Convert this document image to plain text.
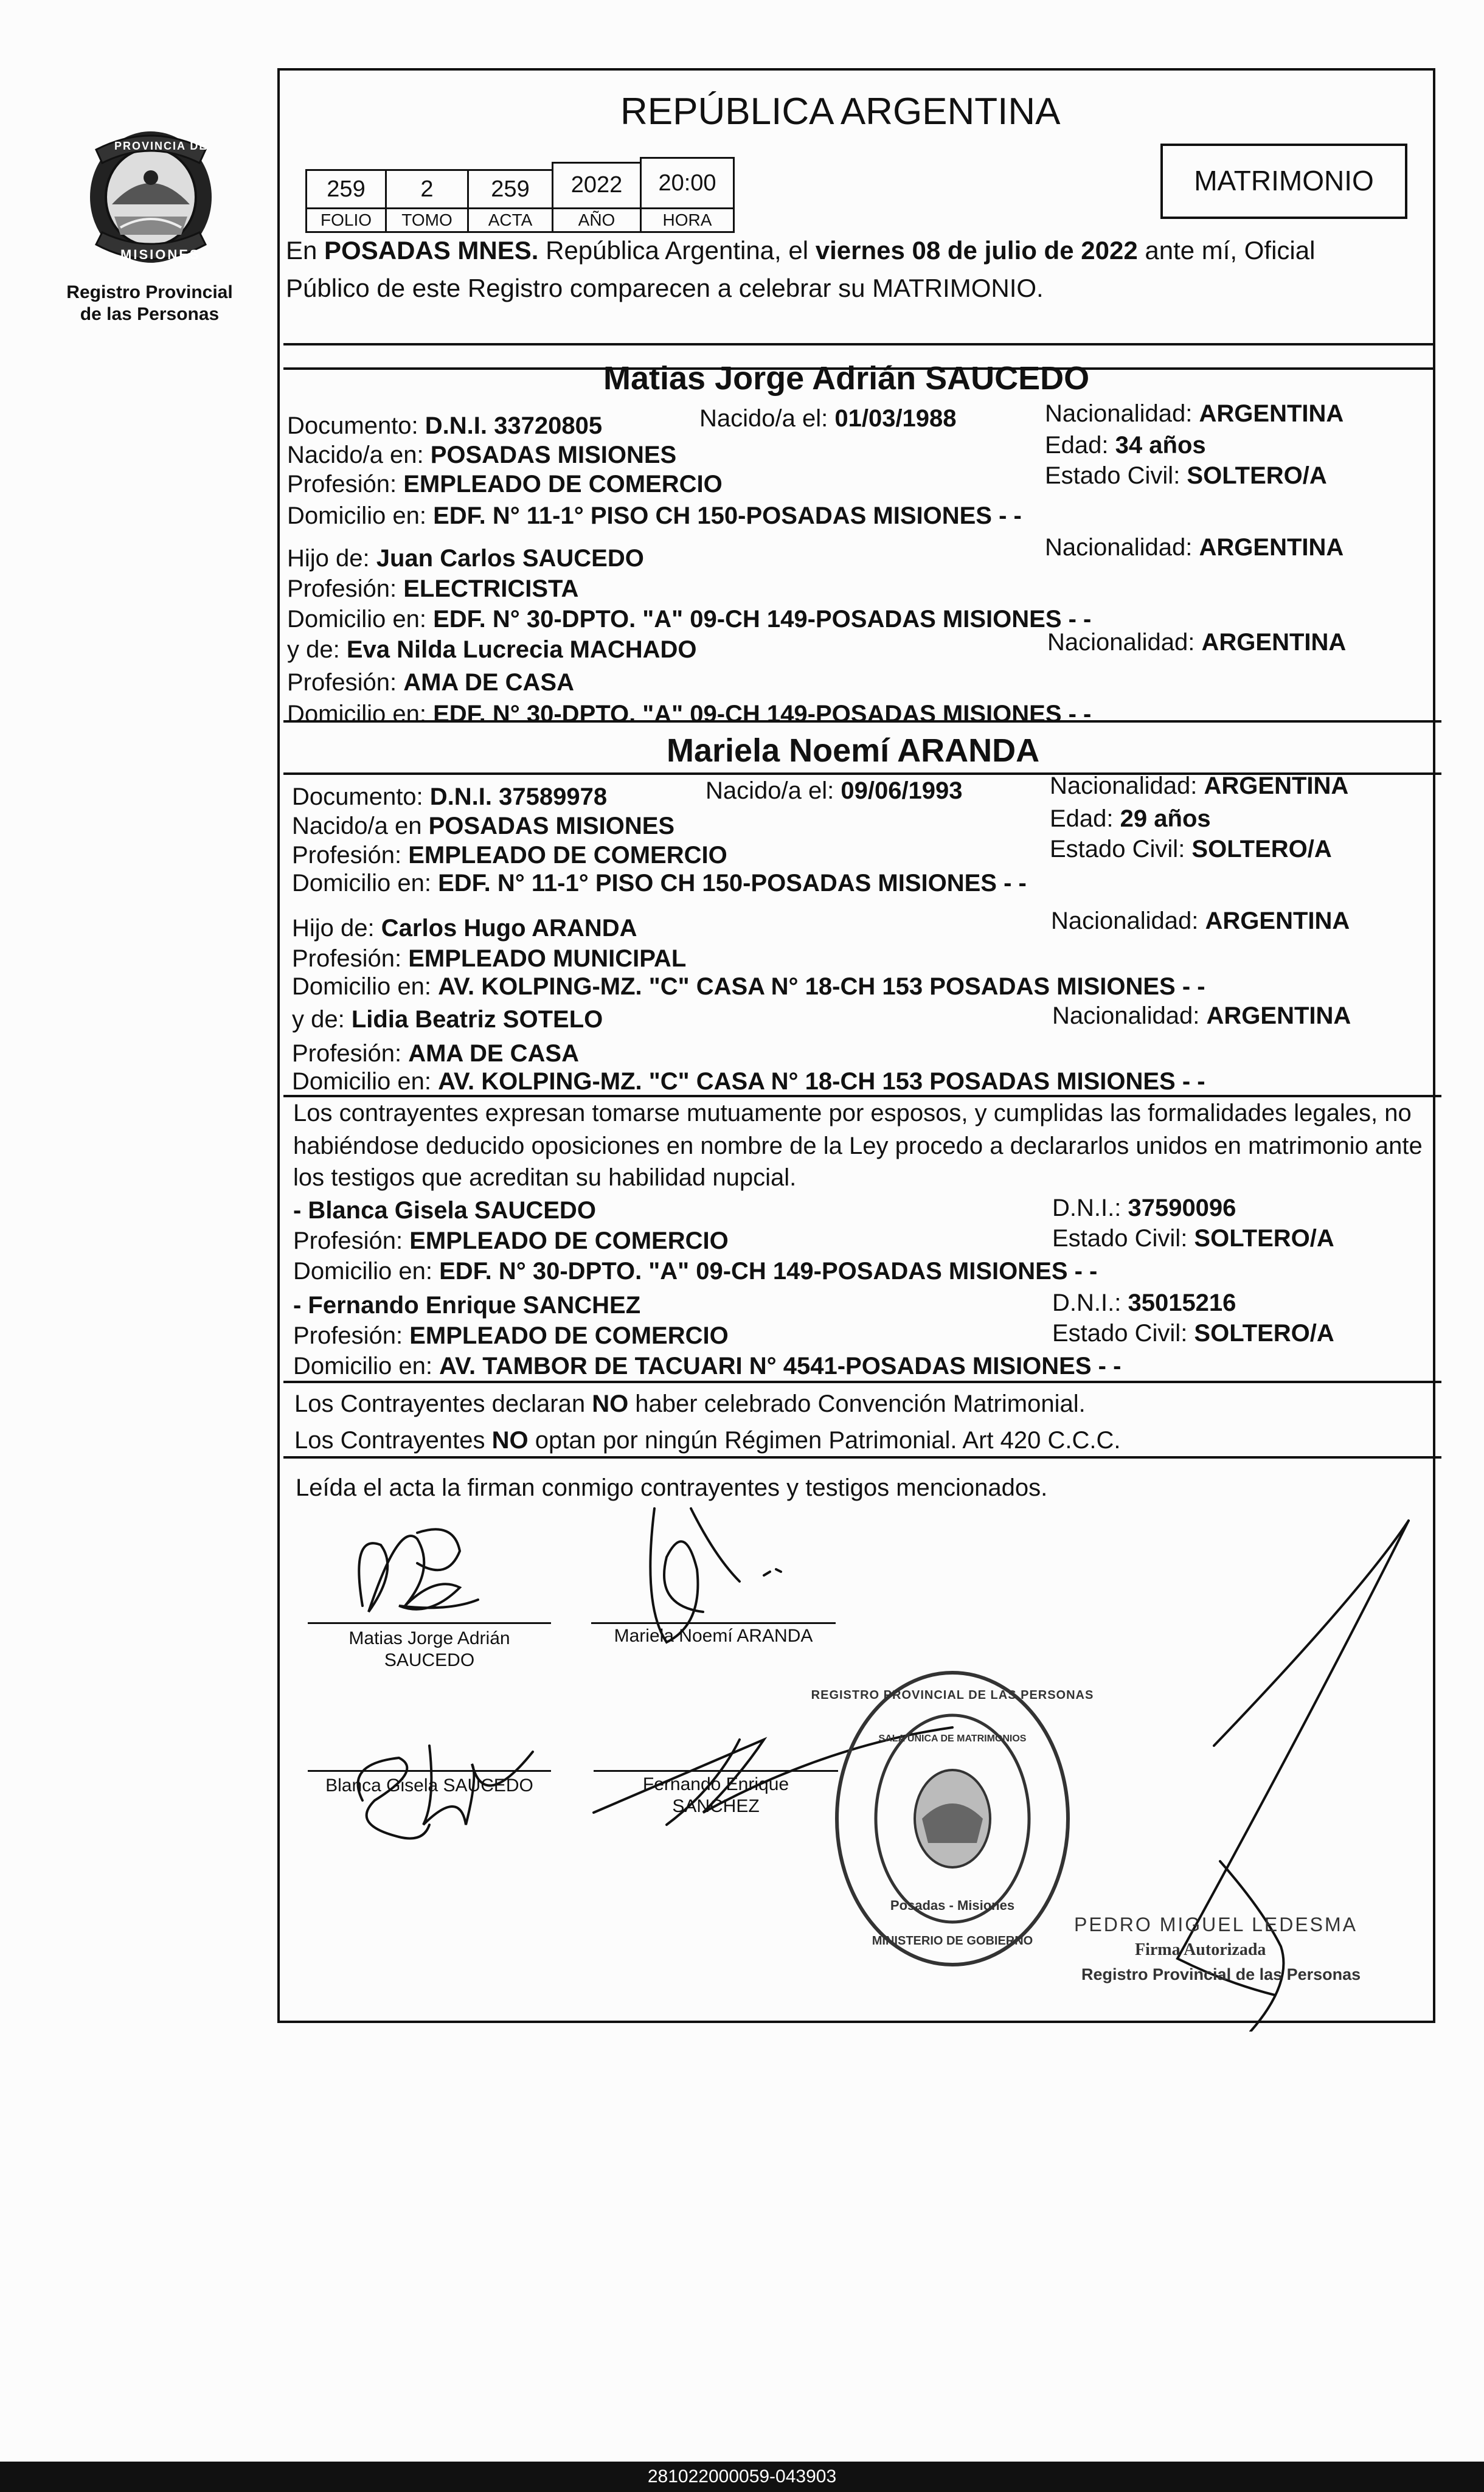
PROVINCIA DE
MISIONES
Registro Provincial
de las Personas
REPÚBLICA ARGENTINA
MATRIMONIO
259	2	259	2022	20:00
FOLIO	TOMO	ACTA	AÑO	HORA
En POSADAS MNES. República Argentina, el viernes 08 de julio de 2022 ante mí, Oficial
Público de este Registro comparecen a celebrar su MATRIMONIO.
Matias Jorge Adrián SAUCEDO
Documento: D.N.I. 33720805	Nacido/a el: 01/03/1988	Nacionalidad: ARGENTINA
Nacido/a en: POSADAS MISIONES	Edad: 34 años
Profesión: EMPLEADO DE COMERCIO	Estado Civil: SOLTERO/A
Domicilio en: EDF. N° 11-1° PISO CH 150-POSADAS MISIONES - -
Hijo de: Juan Carlos SAUCEDO	Nacionalidad: ARGENTINA
Profesión: ELECTRICISTA
Domicilio en: EDF. N° 30-DPTO. "A" 09-CH 149-POSADAS MISIONES - -
y de: Eva Nilda Lucrecia MACHADO	Nacionalidad: ARGENTINA
Profesión: AMA DE CASA
Domicilio en: EDF. N° 30-DPTO. "A" 09-CH 149-POSADAS MISIONES - -
Mariela Noemí ARANDA
Documento: D.N.I. 37589978	Nacido/a el: 09/06/1993	Nacionalidad: ARGENTINA
Nacido/a en POSADAS MISIONES	Edad: 29 años
Profesión: EMPLEADO DE COMERCIO	Estado Civil: SOLTERO/A
Domicilio en: EDF. N° 11-1° PISO CH 150-POSADAS MISIONES - -
Hijo de: Carlos Hugo ARANDA	Nacionalidad: ARGENTINA
Profesión: EMPLEADO MUNICIPAL
Domicilio en: AV. KOLPING-MZ. "C" CASA N° 18-CH 153 POSADAS MISIONES - -
y de: Lidia Beatriz SOTELO	Nacionalidad: ARGENTINA
Profesión: AMA DE CASA
Domicilio en: AV. KOLPING-MZ. "C" CASA N° 18-CH 153 POSADAS MISIONES - -
Los contrayentes expresan tomarse mutuamente por esposos, y cumplidas las formalidades legales, no
habiéndose deducido oposiciones en nombre de la Ley procedo a declararlos unidos en matrimonio ante
los testigos que acreditan su habilidad nupcial.
- Blanca Gisela SAUCEDO	D.N.I.: 37590096
Profesión: EMPLEADO DE COMERCIO	Estado Civil: SOLTERO/A
Domicilio en: EDF. N° 30-DPTO. "A" 09-CH 149-POSADAS MISIONES - -
- Fernando Enrique SANCHEZ	D.N.I.: 35015216
Profesión: EMPLEADO DE COMERCIO	Estado Civil: SOLTERO/A
Domicilio en: AV. TAMBOR DE TACUARI N° 4541-POSADAS MISIONES - -
Los Contrayentes declaran NO haber celebrado Convención Matrimonial.
Los Contrayentes NO optan por ningún Régimen Patrimonial. Art 420 C.C.C.
Leída el acta la firman conmigo contrayentes y testigos mencionados.
Matias Jorge Adrián
SAUCEDO
Mariela Noemí ARANDA
Blanca Gisela SAUCEDO	Fernando Enrique
SANCHEZ
REGISTRO PROVINCIAL DE LAS PERSONAS
SALA ÚNICA DE MATRIMONIOS
Posadas - Misiones
MINISTERIO DE GOBIERNO
PEDRO MIGUEL LEDESMA
Firma Autorizada
Registro Provincial de las Personas
281022000059-043903
